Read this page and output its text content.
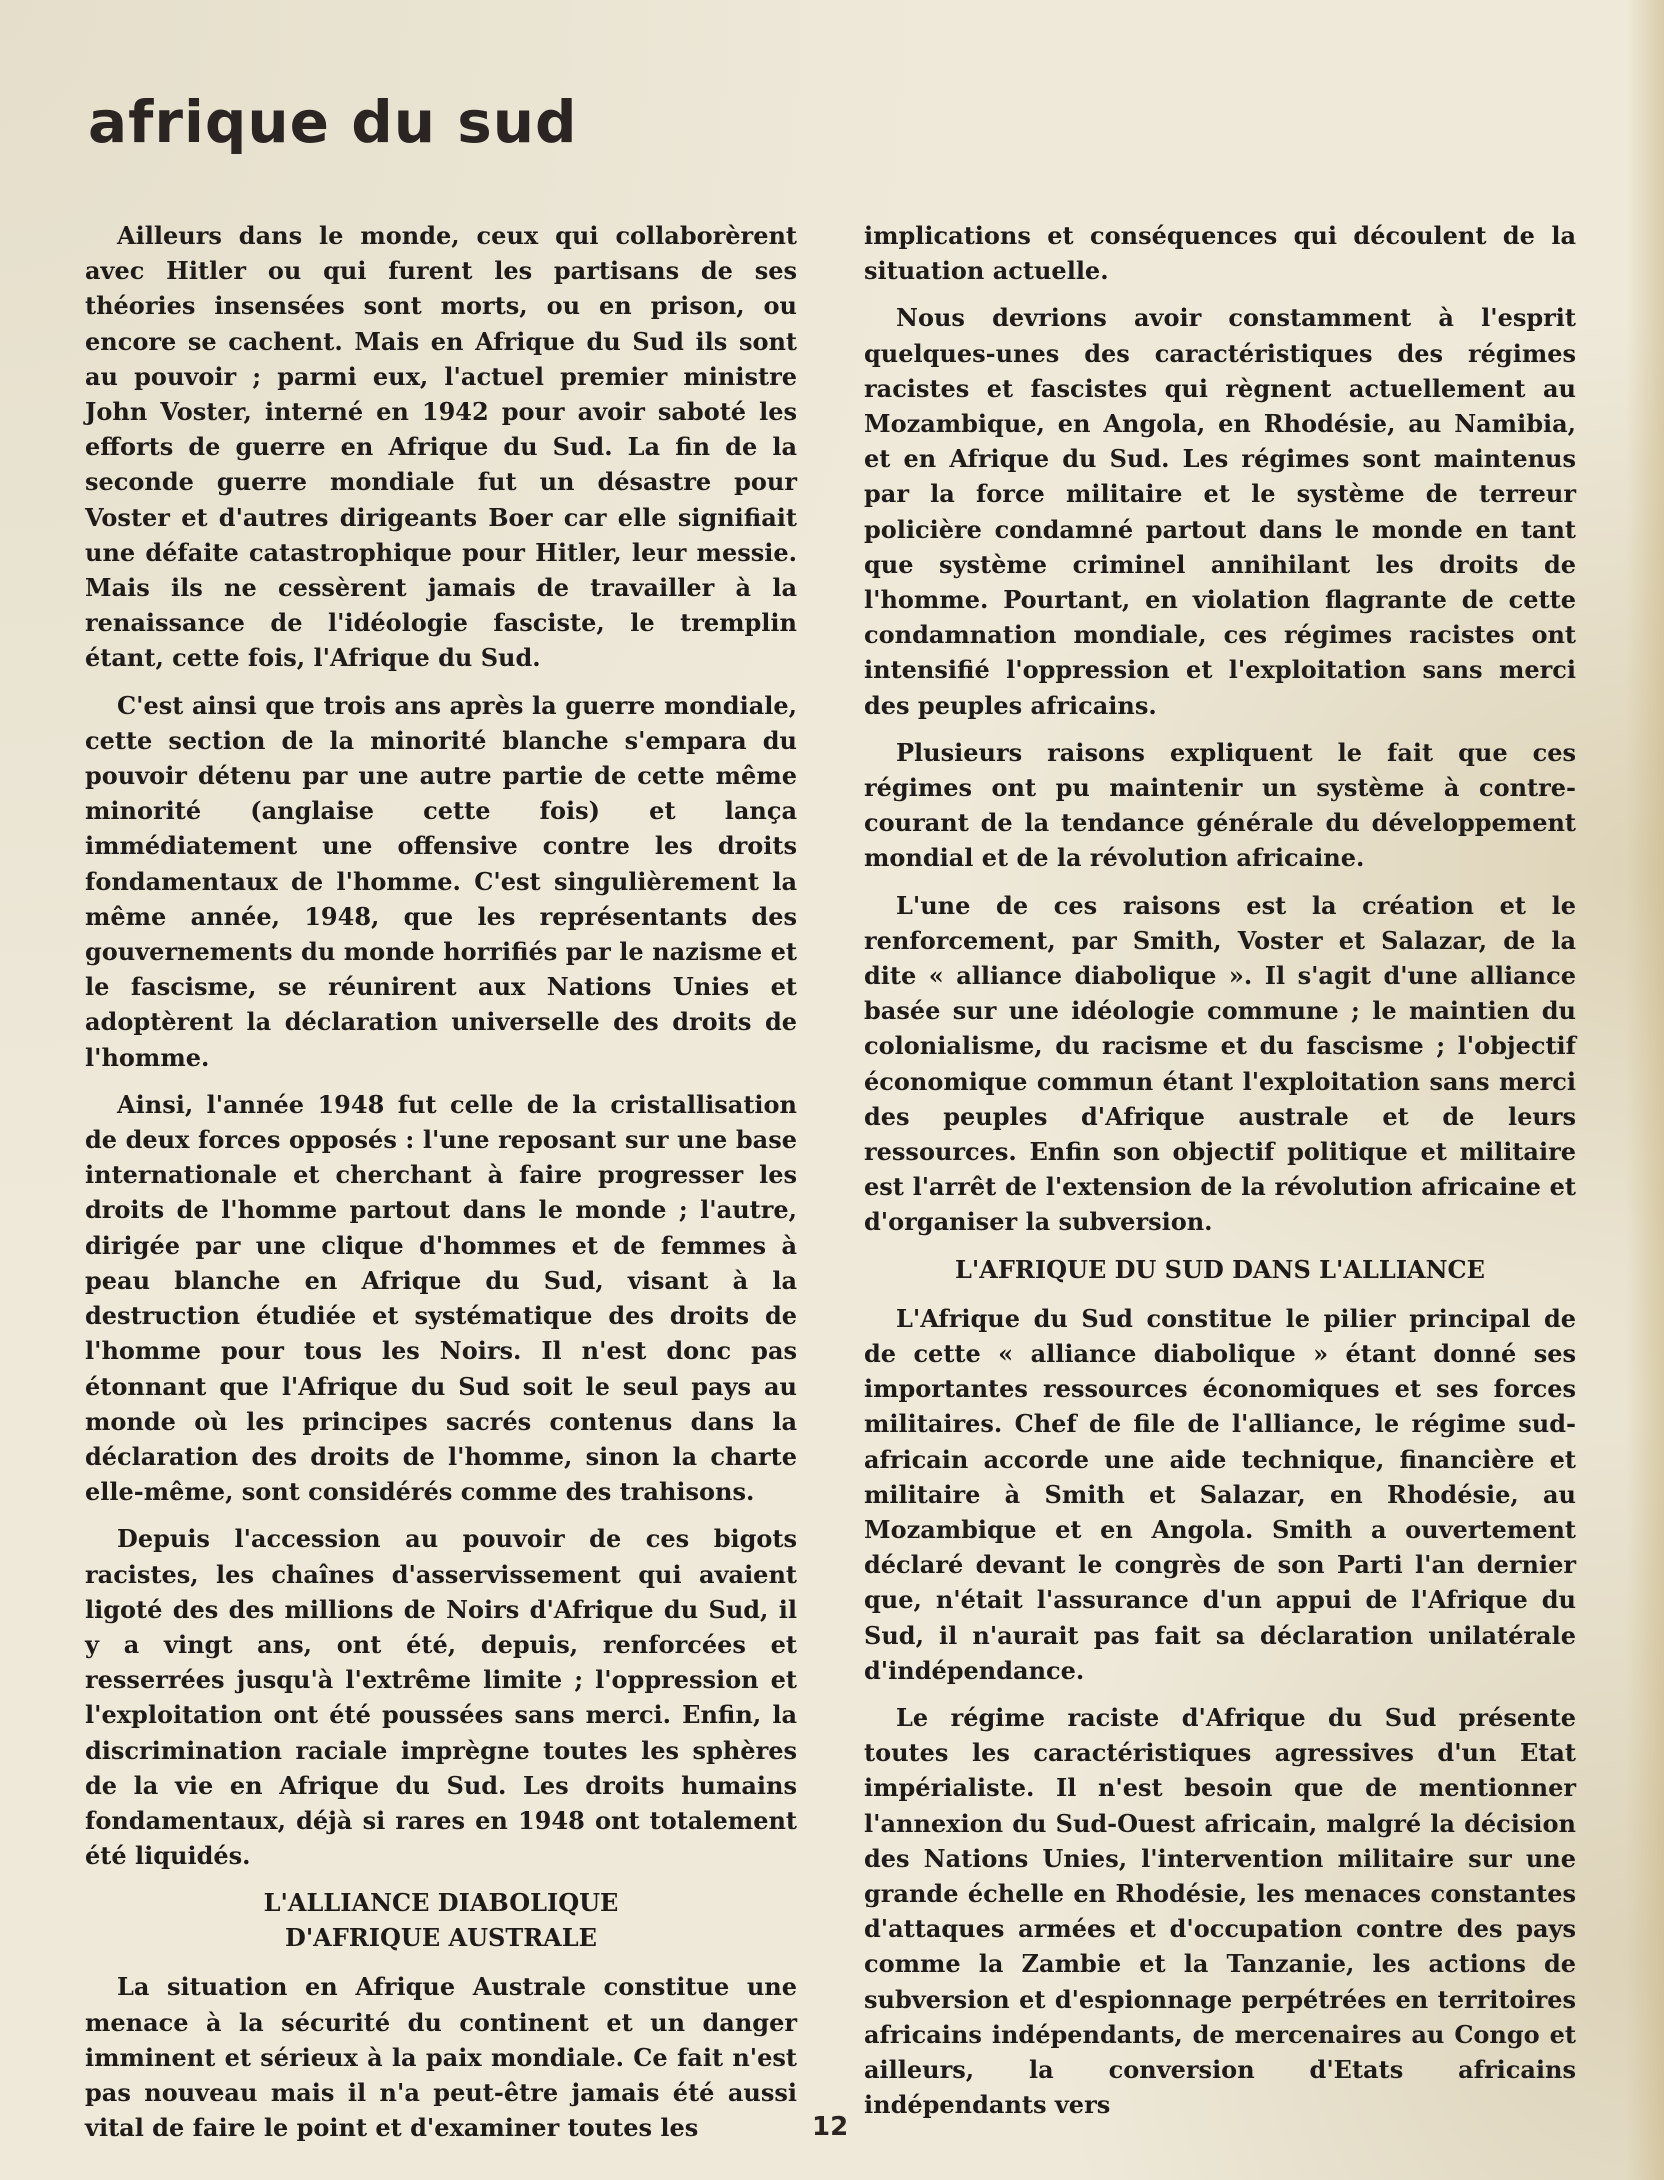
afrique du sud

Ailleurs dans le monde, ceux qui collaborèrent avec Hitler ou qui furent les partisans de ses théories insensées sont morts, ou en prison, ou encore se cachent. Mais en Afrique du Sud ils sont au pouvoir ; parmi eux, l'actuel premier ministre John Voster, interné en 1942 pour avoir saboté les efforts de guerre en Afrique du Sud. La fin de la seconde guerre mondiale fut un désastre pour Voster et d'autres dirigeants Boer car elle signifiait une défaite catastrophique pour Hitler, leur messie. Mais ils ne cessèrent jamais de travailler à la renaissance de l'idéologie fasciste, le tremplin étant, cette fois, l'Afrique du Sud.

C'est ainsi que trois ans après la guerre mondiale, cette section de la minorité blanche s'empara du pouvoir détenu par une autre partie de cette même minorité (anglaise cette fois) et lança immédiatement une offensive contre les droits fondamentaux de l'homme. C'est singulièrement la même année, 1948, que les représentants des gouvernements du monde horrifiés par le nazisme et le fascisme, se réunirent aux Nations Unies et adoptèrent la déclaration universelle des droits de l'homme.

Ainsi, l'année 1948 fut celle de la cristallisation de deux forces opposés : l'une reposant sur une base internationale et cherchant à faire progresser les droits de l'homme partout dans le monde ; l'autre, dirigée par une clique d'hommes et de femmes à peau blanche en Afrique du Sud, visant à la destruction étudiée et systématique des droits de l'homme pour tous les Noirs. Il n'est donc pas étonnant que l'Afrique du Sud soit le seul pays au monde où les principes sacrés contenus dans la déclaration des droits de l'homme, sinon la charte elle-même, sont considérés comme des trahisons.

Depuis l'accession au pouvoir de ces bigots racistes, les chaînes d'asservissement qui avaient ligoté des des millions de Noirs d'Afrique du Sud, il y a vingt ans, ont été, depuis, renforcées et resserrées jusqu'à l'extrême limite ; l'oppression et l'exploitation ont été poussées sans merci. Enfin, la discrimination raciale imprègne toutes les sphères de la vie en Afrique du Sud. Les droits humains fondamentaux, déjà si rares en 1948 ont totalement été liquidés.

L'ALLIANCE DIABOLIQUE
D'AFRIQUE AUSTRALE

La situation en Afrique Australe constitue une menace à la sécurité du continent et un danger imminent et sérieux à la paix mondiale. Ce fait n'est pas nouveau mais il n'a peut-être jamais été aussi vital de faire le point et d'examiner toutes les

implications et conséquences qui découlent de la situation actuelle.

Nous devrions avoir constamment à l'esprit quelques-unes des caractéristiques des régimes racistes et fascistes qui règnent actuellement au Mozambique, en Angola, en Rhodésie, au Namibia, et en Afrique du Sud. Les régimes sont maintenus par la force militaire et le système de terreur policière condamné partout dans le monde en tant que système criminel annihilant les droits de l'homme. Pourtant, en violation flagrante de cette condamnation mondiale, ces régimes racistes ont intensifié l'oppression et l'exploitation sans merci des peuples africains.

Plusieurs raisons expliquent le fait que ces régimes ont pu maintenir un système à contre-courant de la tendance générale du développement mondial et de la révolution africaine.

L'une de ces raisons est la création et le renforcement, par Smith, Voster et Salazar, de la dite « alliance diabolique ». Il s'agit d'une alliance basée sur une idéologie commune ; le maintien du colonialisme, du racisme et du fascisme ; l'objectif économique commun étant l'exploitation sans merci des peuples d'Afrique australe et de leurs ressources. Enfin son objectif politique et militaire est l'arrêt de l'extension de la révolution africaine et d'organiser la subversion.

L'AFRIQUE DU SUD DANS L'ALLIANCE

L'Afrique du Sud constitue le pilier principal de de cette « alliance diabolique » étant donné ses importantes ressources économiques et ses forces militaires. Chef de file de l'alliance, le régime sud-africain accorde une aide technique, financière et militaire à Smith et Salazar, en Rhodésie, au Mozambique et en Angola. Smith a ouvertement déclaré devant le congrès de son Parti l'an dernier que, n'était l'assurance d'un appui de l'Afrique du Sud, il n'aurait pas fait sa déclaration unilatérale d'indépendance.

Le régime raciste d'Afrique du Sud présente toutes les caractéristiques agressives d'un Etat impérialiste. Il n'est besoin que de mentionner l'annexion du Sud-Ouest africain, malgré la décision des Nations Unies, l'intervention militaire sur une grande échelle en Rhodésie, les menaces constantes d'attaques armées et d'occupation contre des pays comme la Zambie et la Tanzanie, les actions de subversion et d'espionnage perpétrées en territoires africains indépendants, de mercenaires au Congo et ailleurs, la conversion d'Etats africains indépendants vers

12
